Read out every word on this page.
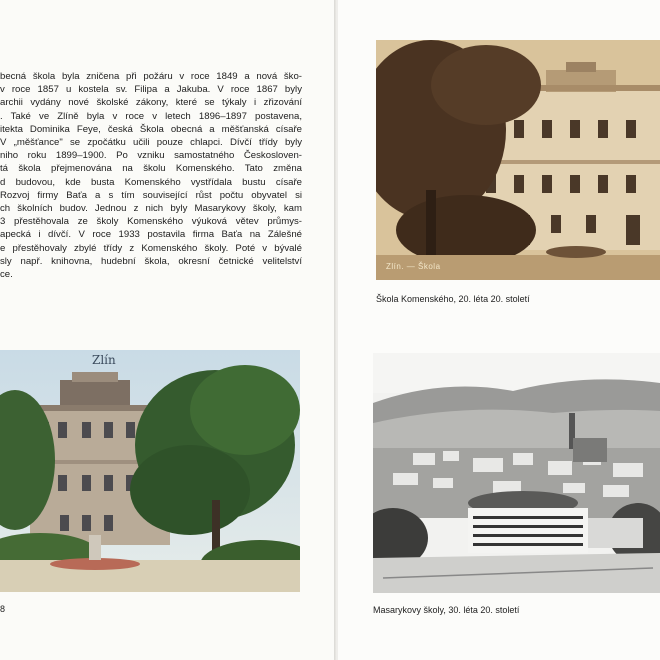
becná škola byla zničena při požáru v roce 1849 a nová ško-
v roce 1857 u kostela sv. Filipa a Jakuba. V roce 1867 byly
archii vydány nové školské zákony, které se týkaly i zřizování
. Také ve Zlíně byla v roce v letech 1896–1897 postavena,
itekta Dominika Feye, česká Škola obecná a měšťanská císaře
V „měšťance" se zpočátku učili pouze chlapci. Dívčí třídy byly
niho roku 1899–1900. Po vzniku samostatného Českosloven-
tá škola přejmenována na školu Komenského. Tato změna
d budovou, kde busta Komenského vystřídala bustu císaře
Rozvoj firmy Baťa a s tím související růst počtu obyvatel si
ch školních budov. Jednou z nich byly Masarykovy školy, kam
3 přestěhovala ze školy Komenského výuková větev průmys-
apecká i dívčí. V roce 1933 postavila firma Baťa na Zálešné
e přestěhovaly zbylé třídy z Komenského školy. Poté v bývalé
sly např. knihovna, hudební škola, okresní četnické velitelství
ce.
Zlín
8
Zlín. — Škola
Škola Komenského, 20. léta 20. století
Masarykovy školy, 30. léta 20. století
